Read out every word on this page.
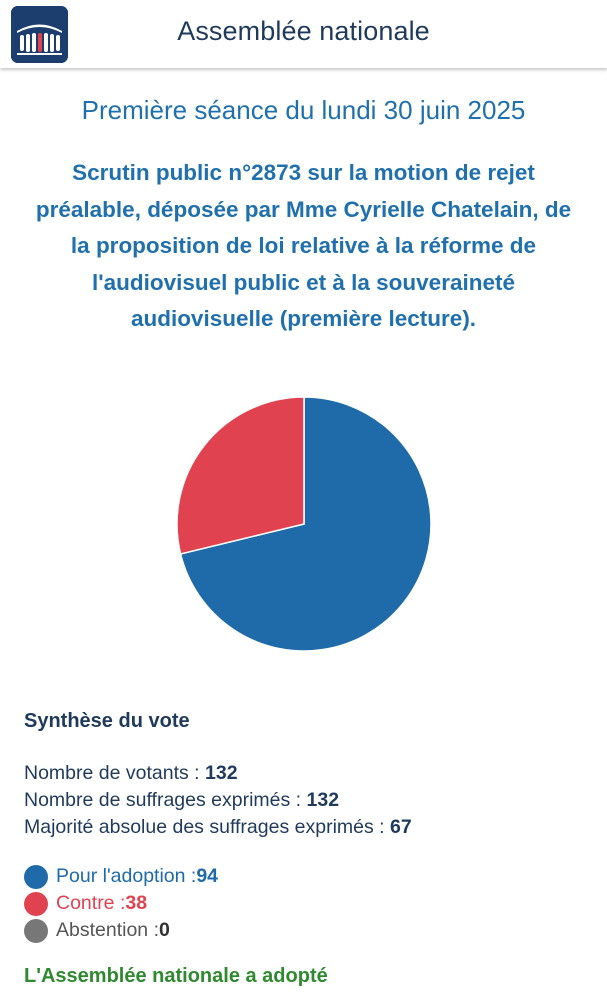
Assemblée nationale
Première séance du lundi 30 juin 2025
Scrutin public n°2873 sur la motion de rejet préalable, déposée par Mme Cyrielle Chatelain, de la proposition de loi relative à la réforme de l'audiovisuel public et à la souveraineté audiovisuelle (première lecture).
Synthèse du vote
Nombre de votants : 132
Nombre de suffrages exprimés : 132
Majorité absolue des suffrages exprimés : 67
Pour l'adoption : 94
Contre : 38
Abstention : 0
L'Assemblée nationale a adopté
